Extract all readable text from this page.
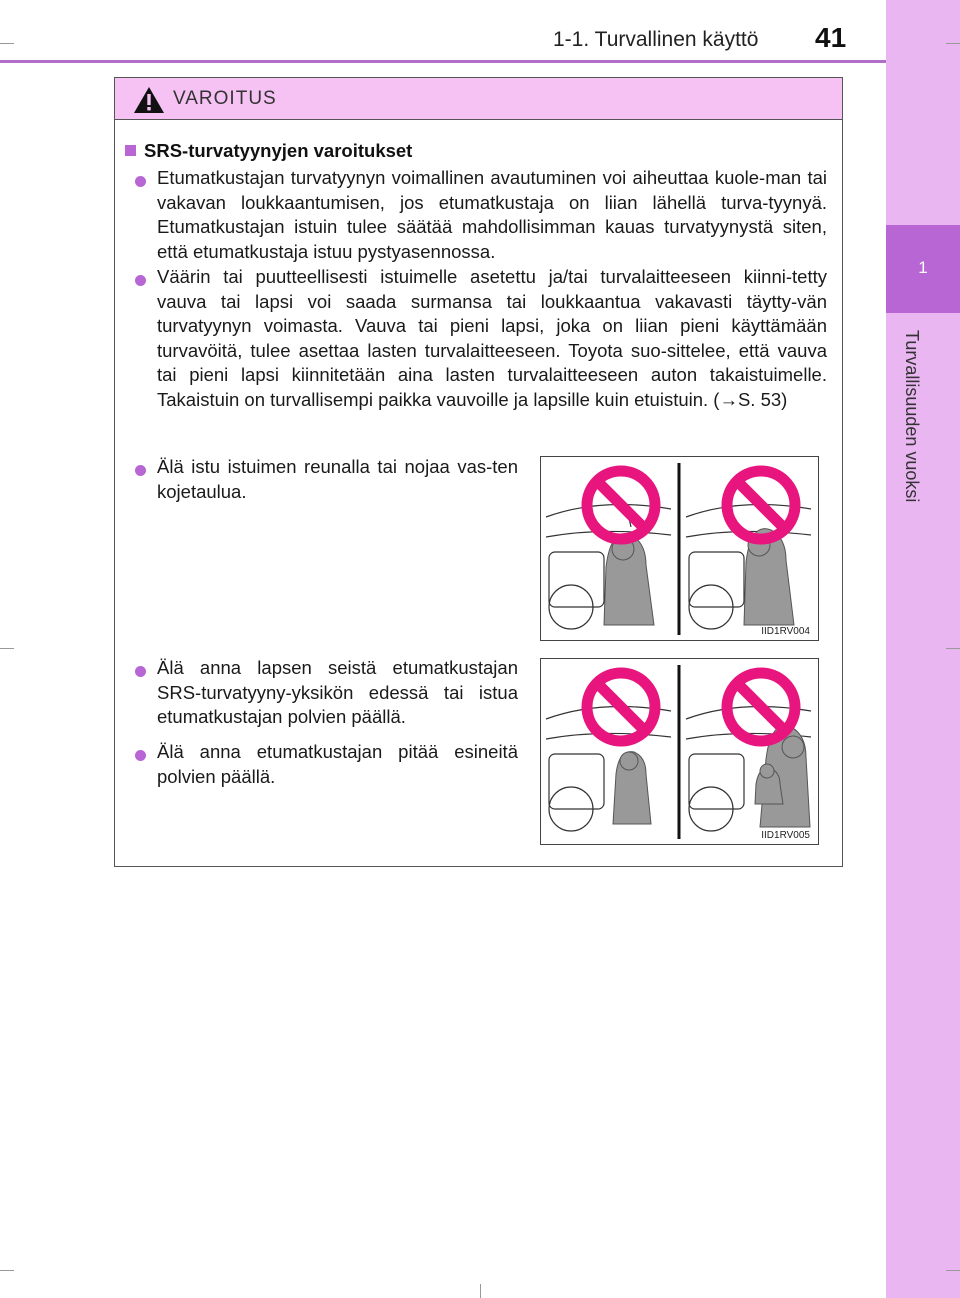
1-1. Turvallinen käyttö 41
1
Turvallisuuden vuoksi
VAROITUS
SRS-turvatyynyjen varoitukset
Etumatkustajan turvatyynyn voimallinen avautuminen voi aiheuttaa kuole-man tai vakavan loukkaantumisen, jos etumatkustaja on liian lähellä turva-tyynyä. Etumatkustajan istuin tulee säätää mahdollisimman kauas turvatyynystä siten, että etumatkustaja istuu pystyasennossa.
Väärin tai puutteellisesti istuimelle asetettu ja/tai turvalaitteeseen kiinni-tetty vauva tai lapsi voi saada surmansa tai loukkaantua vakavasti täytty-vän turvatyynyn voimasta. Vauva tai pieni lapsi, joka on liian pieni käyttämään turvavöitä, tulee asettaa lasten turvalaitteeseen. Toyota suo-sittelee, että vauva tai pieni lapsi kiinnitetään aina lasten turvalaitteeseen auton takaistuimelle. Takaistuin on turvallisempi paikka vauvoille ja lapsille kuin etuistuin. (→S. 53)
Älä istu istuimen reunalla tai nojaa vas-ten kojetaulua.
Älä anna lapsen seistä etumatkustajan SRS-turvatyyny-yksikön edessä tai istua etumatkustajan polvien päällä.
Älä anna etumatkustajan pitää esineitä polvien päällä.
IID1RV004
IID1RV005
